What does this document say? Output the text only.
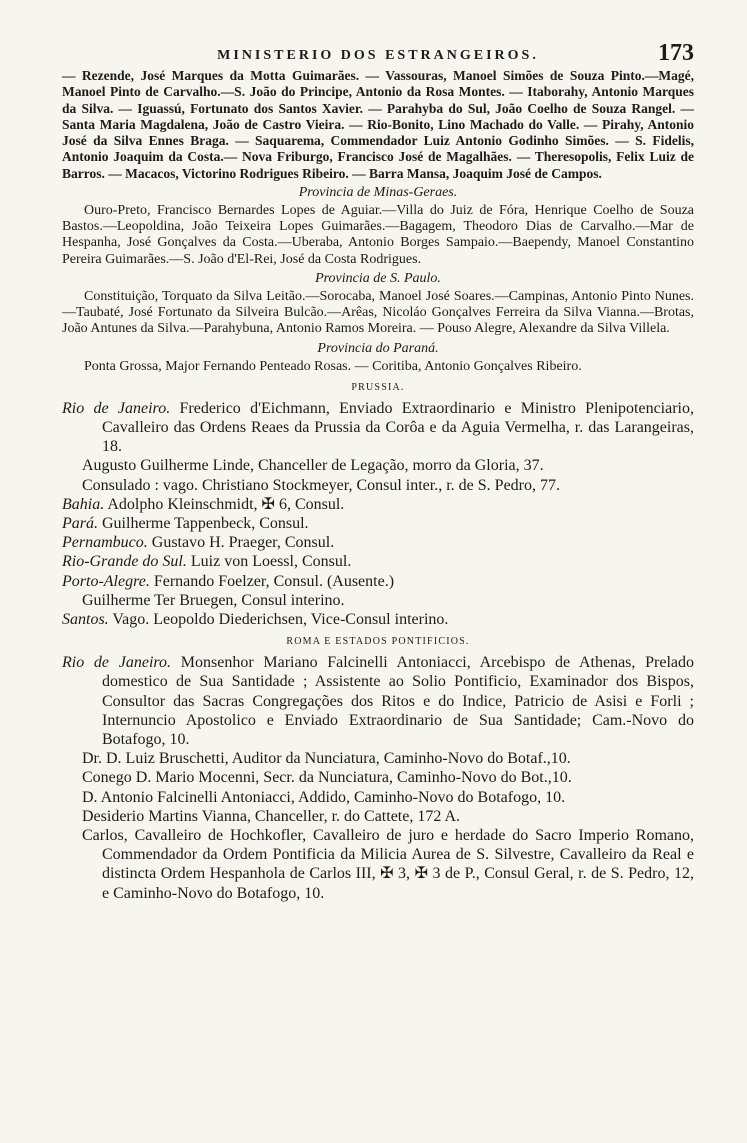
MINISTERIO DOS ESTRANGEIROS.	173

— Rezende, José Marques da Motta Guimarães. — Vassouras, Manoel Simões de Souza Pinto.—Magé, Manoel Pinto de Carvalho.—S. João do Principe, Antonio da Rosa Montes. — Itaborahy, Antonio Marques da Silva. — Iguassú, Fortunato dos Santos Xavier. — Parahyba do Sul, João Coelho de Souza Rangel. — Santa Maria Magdalena, João de Castro Vieira. — Rio-Bonito, Lino Machado do Valle. — Pirahy, Antonio José da Silva Ennes Braga. — Saquarema, Commendador Luiz Antonio Godinho Simões. — S. Fidelis, Antonio Joaquim da Costa.— Nova Friburgo, Francisco José de Magalhães. — Theresopolis, Felix Luiz de Barros. — Macacos, Victorino Rodrigues Ribeiro. — Barra Mansa, Joaquim José de Campos.

Provincia de Minas-Geraes.

Ouro-Preto, Francisco Bernardes Lopes de Aguiar.—Villa do Juiz de Fóra, Henrique Coelho de Souza Bastos.—Leopoldina, João Teixeira Lopes Guimarães.—Bagagem, Theodoro Dias de Carvalho.—Mar de Hespanha, José Gonçalves da Costa.—Uberaba, Antonio Borges Sampaio.—Baependy, Manoel Constantino Pereira Guimarães.—S. João d'El-Rei, José da Costa Rodrigues.

Provincia de S. Paulo.

Constituição, Torquato da Silva Leitão.—Sorocaba, Manoel José Soares.—Campinas, Antonio Pinto Nunes.—Taubaté, José Fortunato da Silveira Bulcão.—Arêas, Nicoláo Gonçalves Ferreira da Silva Vianna.—Brotas, João Antunes da Silva.—Parahybuna, Antonio Ramos Moreira. — Pouso Alegre, Alexandre da Silva Villela.

Provincia do Paraná.

Ponta Grossa, Major Fernando Penteado Rosas. — Coritiba, Antonio Gonçalves Ribeiro.

PRUSSIA.

Rio de Janeiro. Frederico d'Eichmann, Enviado Extraordinario e Ministro Plenipotenciario, Cavalleiro das Ordens Reaes da Prussia da Corôa e da Aguia Vermelha, r. das Larangeiras, 18.

Augusto Guilherme Linde, Chanceller de Legação, morro da Gloria, 37.

Consulado : vago. Christiano Stockmeyer, Consul inter., r. de S. Pedro, 77.

Bahia. Adolpho Kleinschmidt, ✠ 6, Consul.

Pará. Guilherme Tappenbeck, Consul.

Pernambuco. Gustavo H. Praeger, Consul.

Rio-Grande do Sul. Luiz von Loessl, Consul.

Porto-Alegre. Fernando Foelzer, Consul. (Ausente.)

Guilherme Ter Bruegen, Consul interino.

Santos. Vago. Leopoldo Diederichsen, Vice-Consul interino.

ROMA E ESTADOS PONTIFICIOS.

Rio de Janeiro. Monsenhor Mariano Falcinelli Antoniacci, Arcebispo de Athenas, Prelado domestico de Sua Santidade ; Assistente ao Solio Pontificio, Examinador dos Bispos, Consultor das Sacras Congregações dos Ritos e do Indice, Patricio de Asisi e Forli ; Internuncio Apostolico e Enviado Extraordinario de Sua Santidade; Cam.-Novo do Botafogo, 10.

Dr. D. Luiz Bruschetti, Auditor da Nunciatura, Caminho-Novo do Botaf.,10.

Conego D. Mario Mocenni, Secr. da Nunciatura, Caminho-Novo do Bot.,10.

D. Antonio Falcinelli Antoniacci, Addido, Caminho-Novo do Botafogo, 10.

Desiderio Martins Vianna, Chanceller, r. do Cattete, 172 A.

Carlos, Cavalleiro de Hochkofler, Cavalleiro de juro e herdade do Sacro Imperio Romano, Commendador da Ordem Pontificia da Milicia Aurea de S. Silvestre, Cavalleiro da Real e distincta Ordem Hespanhola de Carlos III, ✠ 3, ✠ 3 de P., Consul Geral, r. de S. Pedro, 12, e Caminho-Novo do Botafogo, 10.
